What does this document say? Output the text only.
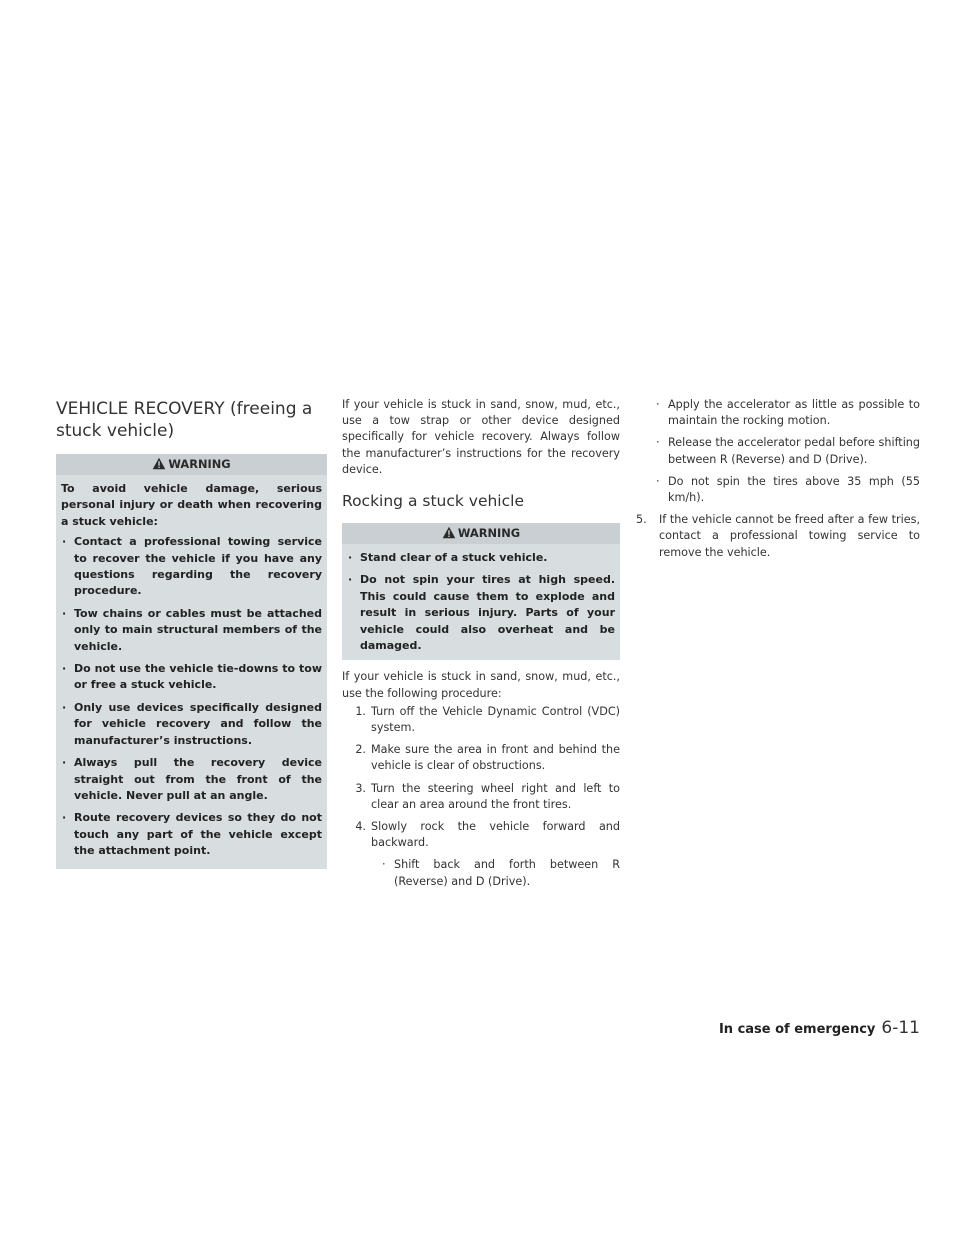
VEHICLE RECOVERY (freeing a stuck vehicle)
WARNING

To avoid vehicle damage, serious personal injury or death when recovering a stuck vehicle:

· Contact a professional towing service to recover the vehicle if you have any questions regarding the recovery procedure.
· Tow chains or cables must be attached only to main structural members of the vehicle.
· Do not use the vehicle tie-downs to tow or free a stuck vehicle.
· Only use devices specifically designed for vehicle recovery and follow the manufacturer’s instructions.
· Always pull the recovery device straight out from the front of the vehicle. Never pull at an angle.
· Route recovery devices so they do not touch any part of the vehicle except the attachment point.

If your vehicle is stuck in sand, snow, mud, etc., use a tow strap or other device designed specifically for vehicle recovery. Always follow the manufacturer’s instructions for the recovery device.

Rocking a stuck vehicle
WARNING
· Stand clear of a stuck vehicle.
· Do not spin your tires at high speed. This could cause them to explode and result in serious injury. Parts of your vehicle could also overheat and be damaged.

If your vehicle is stuck in sand, snow, mud, etc., use the following procedure:

1. Turn off the Vehicle Dynamic Control (VDC) system.
2. Make sure the area in front and behind the vehicle is clear of obstructions.
3. Turn the steering wheel right and left to clear an area around the front tires.
4. Slowly rock the vehicle forward and backward.
· Shift back and forth between R (Reverse) and D (Drive).
· Apply the accelerator as little as possible to maintain the rocking motion.
· Release the accelerator pedal before shifting between R (Reverse) and D (Drive).
· Do not spin the tires above 35 mph (55 km/h).
5.	If the vehicle cannot be freed after a few tries, contact a professional towing service to remove the vehicle.
In case of emergency 6-11
